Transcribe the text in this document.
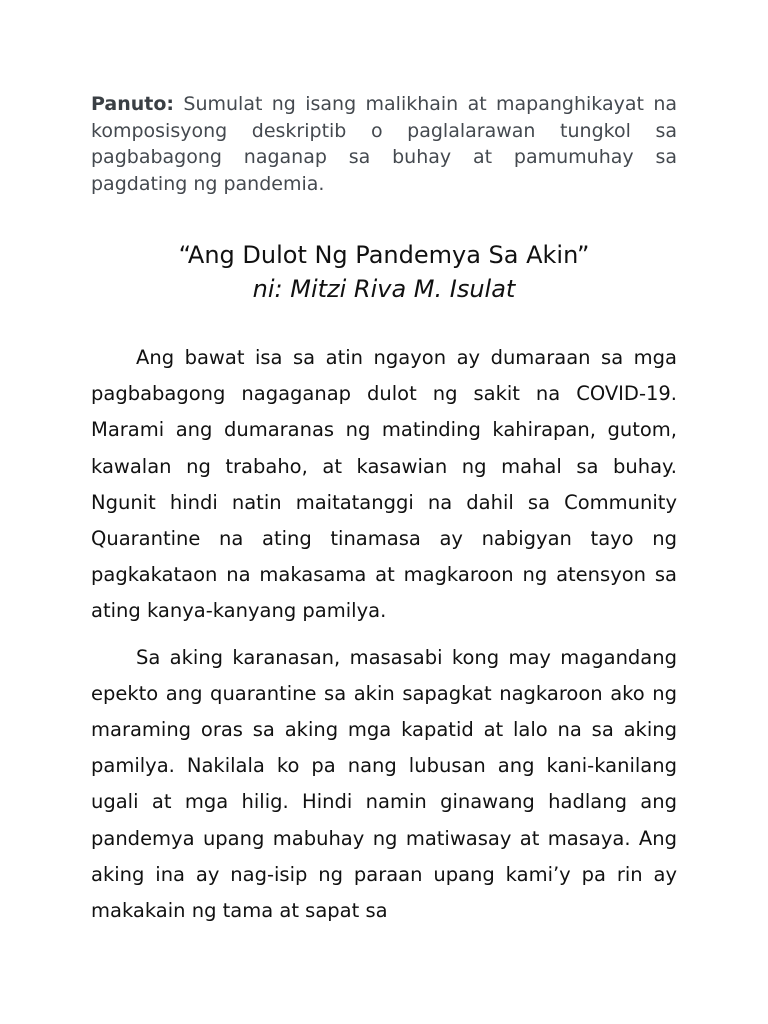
Panuto: Sumulat ng isang malikhain at mapanghikayat na komposisyong deskriptib o paglalarawan tungkol sa pagbabagong naganap sa buhay at pamumuhay sa pagdating ng pandemia.

“Ang Dulot Ng Pandemya Sa Akin”

ni: Mitzi Riva M. Isulat

Ang bawat isa sa atin ngayon ay dumaraan sa mga pagbabagong nagaganap dulot ng sakit na COVID-19. Marami ang dumaranas ng matinding kahirapan, gutom, kawalan ng trabaho, at kasawian ng mahal sa buhay. Ngunit hindi natin maitatanggi na dahil sa Community Quarantine na ating tinamasa ay nabigyan tayo ng pagkakataon na makasama at magkaroon ng atensyon sa ating kanya-kanyang pamilya.

Sa aking karanasan, masasabi kong may magandang epekto ang quarantine sa akin sapagkat nagkaroon ako ng maraming oras sa aking mga kapatid at lalo na sa aking pamilya. Nakilala ko pa nang lubusan ang kani-kanilang ugali at mga hilig. Hindi namin ginawang hadlang ang pandemya upang mabuhay ng matiwasay at masaya. Ang aking ina ay nag-isip ng paraan upang kami’y pa rin ay makakain ng tama at sapat sa
